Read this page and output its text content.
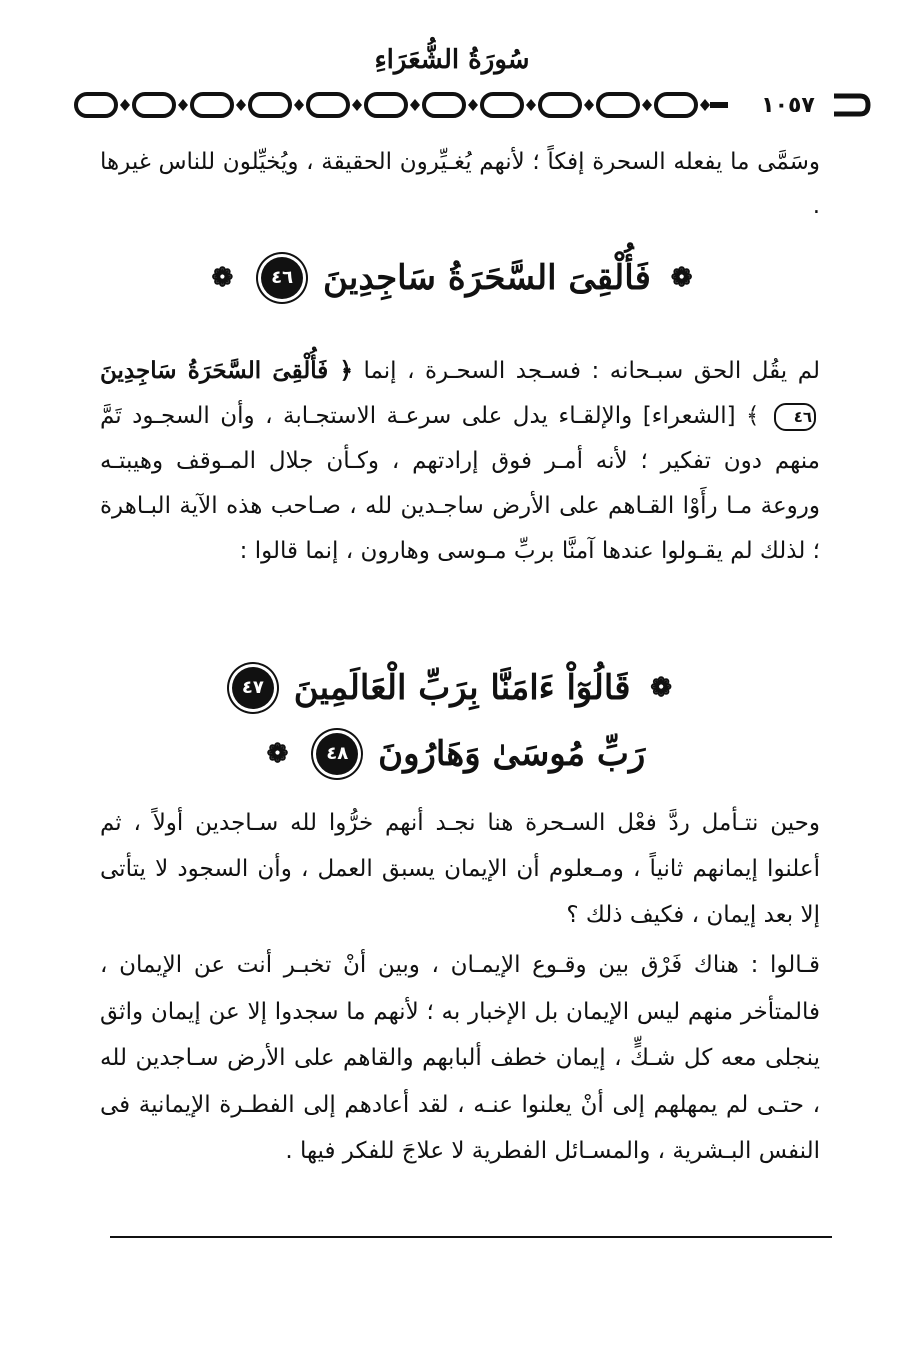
سُورَةُ الشُّعَرَاءِ
١٠٥٧

وسَمَّى ما يفعله السحرة إفكاً ؛ لأنهم يُغـيِّرون الحقيقة ، ويُخيِّلون للناس غيرها .

❁ فَأُلْقِىَ السَّحَرَةُ سَاجِدِينَ ٤٦ ❁

لم يقُل الحق سبـحانه : فسـجد السحـرة ، إنما ﴿ فَأُلْقِىَ السَّحَرَةُ سَاجِدِينَ ٤٦ ﴾ [الشعراء] والإلقـاء يدل على سرعـة الاستجـابة ، وأن السجـود تَمَّ منهم دون تفكير ؛ لأنه أمـر فوق إرادتهم ، وكـأن جلال المـوقف وهيبتـه وروعة مـا رأَوْا القـاهم على الأرض ساجـدين لله ، صـاحب هذه الآية البـاهرة ؛ لذلك لم يقـولوا عندها آمنَّا بربِّ مـوسى وهارون ، إنما قالوا :

❁ قَالُوٓاْ ءَامَنَّا بِرَبِّ الْعَالَمِينَ ٤٧
رَبِّ مُوسَىٰ وَهَارُونَ ٤٨ ❁

وحين نتـأمل ردَّ فعْل السـحرة هنا نجـد أنهم خرُّوا لله سـاجدين أولاً ، ثم أعلنوا إيمانهم ثانياً ، ومـعلوم أن الإيمان يسبق العمل ، وأن السجود لا يتأتى إلا بعد إيمان ، فكيف ذلك ؟

قـالوا : هناك فَرْق بين وقـوع الإيمـان ، وبين أنْ تخبـر أنت عن الإيمان ، فالمتأخر منهم ليس الإيمان بل الإخبار به ؛ لأنهم ما سجدوا إلا عن إيمان واثق ينجلى معه كل شـكٍّ ، إيمان خطف ألبابهم والقاهم على الأرض سـاجدين لله ، حتـى لم يمهلهم إلى أنْ يعلنوا عنـه ، لقد أعادهم إلى الفطـرة الإيمانية فى النفس البـشرية ، والمسـائل الفطرية لا علاجَ للفكر فيها .
